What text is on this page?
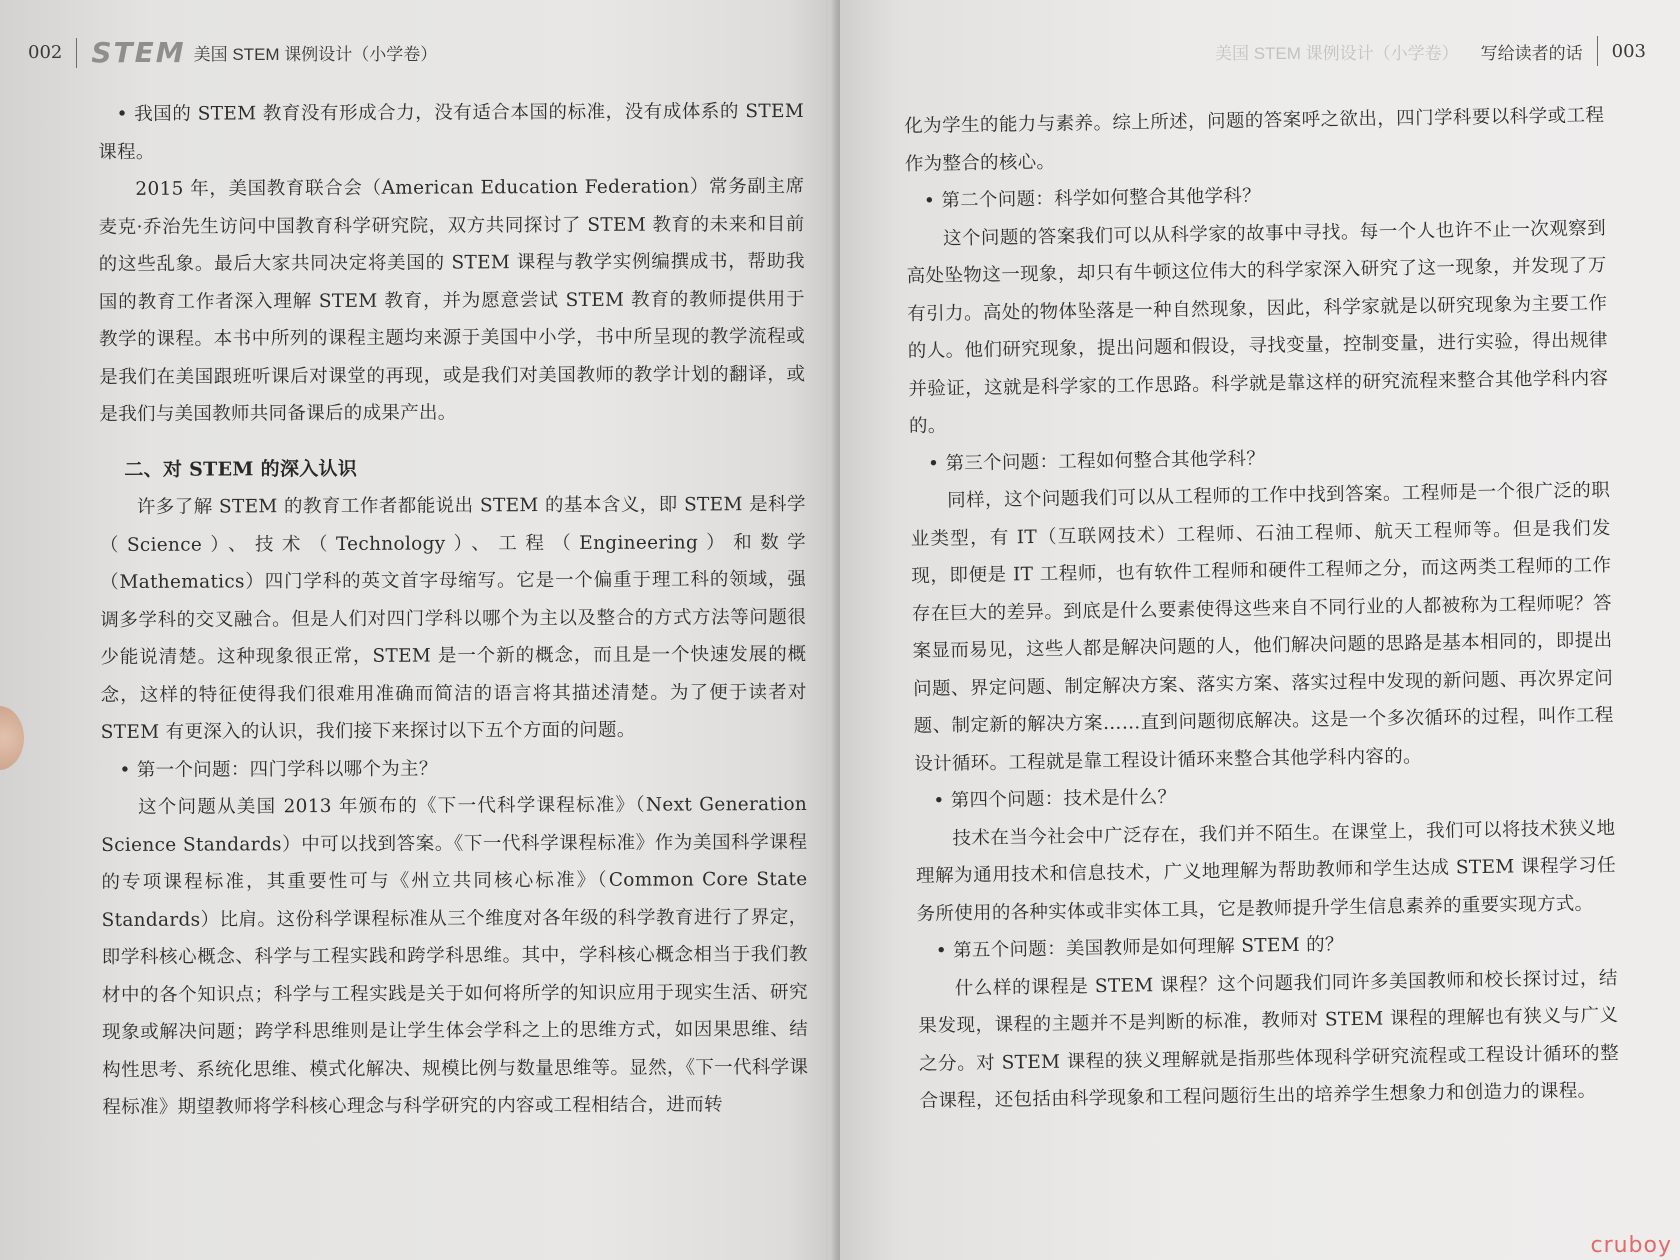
002 STEM 美国 STEM 课例设计（小学卷）

• 我国的 STEM 教育没有形成合力，没有适合本国的标准，没有成体系的 STEM 课程。

2015 年，美国教育联合会（American Education Federation）常务副主席麦克·乔治先生访问中国教育科学研究院，双方共同探讨了 STEM 教育的未来和目前的这些乱象。最后大家共同决定将美国的 STEM 课程与教学实例编撰成书，帮助我国的教育工作者深入理解 STEM 教育，并为愿意尝试 STEM 教育的教师提供用于教学的课程。本书中所列的课程主题均来源于美国中小学，书中所呈现的教学流程或是我们在美国跟班听课后对课堂的再现，或是我们对美国教师的教学计划的翻译，或是我们与美国教师共同备课后的成果产出。

二、对 STEM 的深入认识

许多了解 STEM 的教育工作者都能说出 STEM 的基本含义，即 STEM 是科学（Science）、技术（Technology）、工程（Engineering）和数学（Mathematics）四门学科的英文首字母缩写。它是一个偏重于理工科的领域，强调多学科的交叉融合。但是人们对四门学科以哪个为主以及整合的方式方法等问题很少能说清楚。这种现象很正常，STEM 是一个新的概念，而且是一个快速发展的概念，这样的特征使得我们很难用准确而简洁的语言将其描述清楚。为了便于读者对 STEM 有更深入的认识，我们接下来探讨以下五个方面的问题。

• 第一个问题：四门学科以哪个为主？

这个问题从美国 2013 年颁布的《下一代科学课程标准》（Next Generation Science Standards）中可以找到答案。《下一代科学课程标准》作为美国科学课程的专项课程标准，其重要性可与《州立共同核心标准》（Common Core State Standards）比肩。这份科学课程标准从三个维度对各年级的科学教育进行了界定，即学科核心概念、科学与工程实践和跨学科思维。其中，学科核心概念相当于我们教材中的各个知识点；科学与工程实践是关于如何将所学的知识应用于现实生活、研究现象或解决问题；跨学科思维则是让学生体会学科之上的思维方式，如因果思维、结构性思考、系统化思维、模式化解决、规模比例与数量思维等。显然，《下一代科学课程标准》期望教师将学科核心理念与科学研究的内容或工程相结合，进而转

美国 STEM 课例设计（小学卷） 写给读者的话 003

化为学生的能力与素养。综上所述，问题的答案呼之欲出，四门学科要以科学或工程作为整合的核心。

• 第二个问题：科学如何整合其他学科？

这个问题的答案我们可以从科学家的故事中寻找。每一个人也许不止一次观察到高处坠物这一现象，却只有牛顿这位伟大的科学家深入研究了这一现象，并发现了万有引力。高处的物体坠落是一种自然现象，因此，科学家就是以研究现象为主要工作的人。他们研究现象，提出问题和假设，寻找变量，控制变量，进行实验，得出规律并验证，这就是科学家的工作思路。科学就是靠这样的研究流程来整合其他学科内容的。

• 第三个问题：工程如何整合其他学科？

同样，这个问题我们可以从工程师的工作中找到答案。工程师是一个很广泛的职业类型，有 IT（互联网技术）工程师、石油工程师、航天工程师等。但是我们发现，即便是 IT 工程师，也有软件工程师和硬件工程师之分，而这两类工程师的工作存在巨大的差异。到底是什么要素使得这些来自不同行业的人都被称为工程师呢？答案显而易见，这些人都是解决问题的人，他们解决问题的思路是基本相同的，即提出问题、界定问题、制定解决方案、落实方案、落实过程中发现的新问题、再次界定问题、制定新的解决方案……直到问题彻底解决。这是一个多次循环的过程，叫作工程设计循环。工程就是靠工程设计循环来整合其他学科内容的。

• 第四个问题：技术是什么？

技术在当今社会中广泛存在，我们并不陌生。在课堂上，我们可以将技术狭义地理解为通用技术和信息技术，广义地理解为帮助教师和学生达成 STEM 课程学习任务所使用的各种实体或非实体工具，它是教师提升学生信息素养的重要实现方式。

• 第五个问题：美国教师是如何理解 STEM 的？

什么样的课程是 STEM 课程？这个问题我们同许多美国教师和校长探讨过，结果发现，课程的主题并不是判断的标准，教师对 STEM 课程的理解也有狭义与广义之分。对 STEM 课程的狭义理解就是指那些体现科学研究流程或工程设计循环的整合课程，还包括由科学现象和工程问题衍生出的培养学生想象力和创造力的课程。

cruboy
